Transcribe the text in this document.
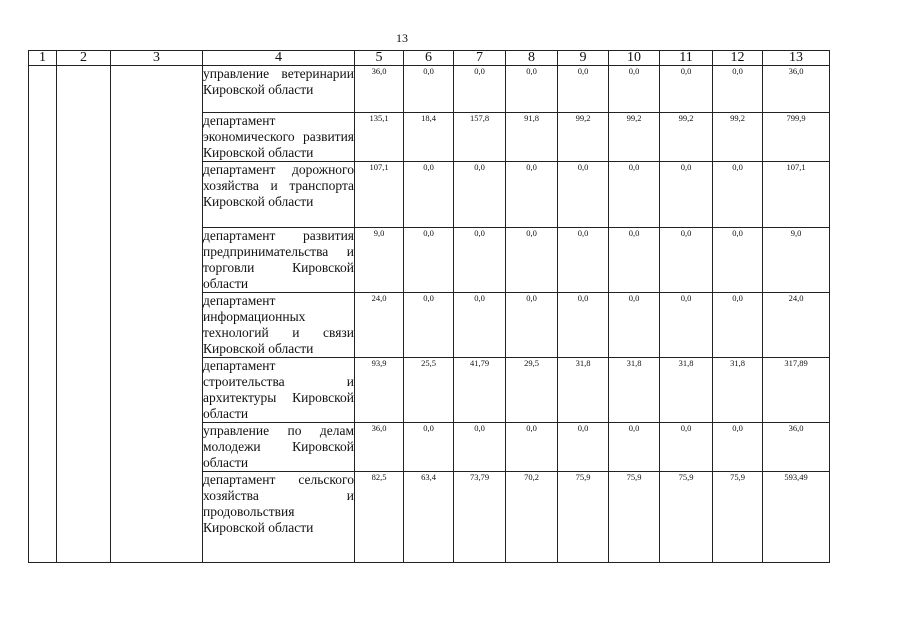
13
1	2	3	4	5	6	7	8	9	10	11	12	13
			управление ветеринарии Кировской области	36,0	0,0	0,0	0,0	0,0	0,0	0,0	0,0	36,0
			департамент экономического развития Кировской области	135,1	18,4	157,8	91,8	99,2	99,2	99,2	99,2	799,9
			департамент дорожного хозяйства и транспорта Кировской области	107,1	0,0	0,0	0,0	0,0	0,0	0,0	0,0	107,1
			департамент развития предпринимательства и торговли Кировской области	9,0	0,0	0,0	0,0	0,0	0,0	0,0	0,0	9,0
			департамент информационных технологий и связи Кировской области	24,0	0,0	0,0	0,0	0,0	0,0	0,0	0,0	24,0
			департамент строительства и архитектуры Кировской области	93,9	25,5	41,79	29,5	31,8	31,8	31,8	31,8	317,89
			управление по делам молодежи Кировской области	36,0	0,0	0,0	0,0	0,0	0,0	0,0	0,0	36,0
			департамент сельского хозяйства и продовольствия Кировской области	82,5	63,4	73,79	70,2	75,9	75,9	75,9	75,9	593,49
